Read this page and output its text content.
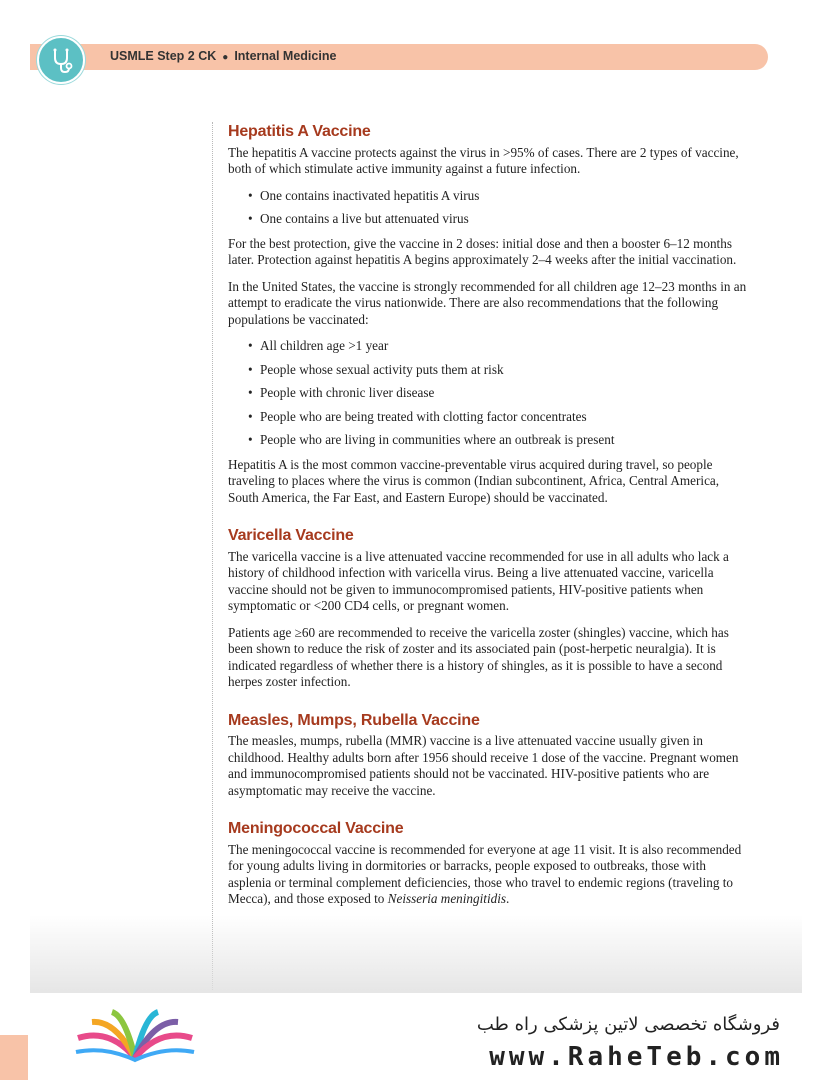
USMLE Step 2 CK ● Internal Medicine
Hepatitis A Vaccine

The hepatitis A vaccine protects against the virus in >95% of cases. There are 2 types of vaccine, both of which stimulate active immunity against a future infection.

• One contains inactivated hepatitis A virus
• One contains a live but attenuated virus

For the best protection, give the vaccine in 2 doses: initial dose and then a booster 6–12 months later. Protection against hepatitis A begins approximately 2–4 weeks after the initial vaccination.

In the United States, the vaccine is strongly recommended for all children age 12–23 months in an attempt to eradicate the virus nationwide. There are also recommendations that the following populations be vaccinated:

• All children age >1 year
• People whose sexual activity puts them at risk
• People with chronic liver disease
• People who are being treated with clotting factor concentrates
• People who are living in communities where an outbreak is present

Hepatitis A is the most common vaccine-preventable virus acquired during travel, so people traveling to places where the virus is common (Indian subcontinent, Africa, Central America, South America, the Far East, and Eastern Europe) should be vaccinated.

Varicella Vaccine

The varicella vaccine is a live attenuated vaccine recommended for use in all adults who lack a history of childhood infection with varicella virus. Being a live attenuated vaccine, varicella vaccine should not be given to immunocompromised patients, HIV-positive patients when symptomatic or <200 CD4 cells, or pregnant women.

Patients age ≥60 are recommended to receive the varicella zoster (shingles) vaccine, which has been shown to reduce the risk of zoster and its associated pain (post-herpetic neuralgia). It is indicated regardless of whether there is a history of shingles, as it is possible to have a second herpes zoster infection.

Measles, Mumps, Rubella Vaccine

The measles, mumps, rubella (MMR) vaccine is a live attenuated vaccine usually given in childhood. Healthy adults born after 1956 should receive 1 dose of the vaccine. Pregnant women and immunocompromised patients should not be vaccinated. HIV-positive patients who are asymptomatic may receive the vaccine.

Meningococcal Vaccine

The meningococcal vaccine is recommended for everyone at age 11 visit. It is also recommended for young adults living in dormitories or barracks, people exposed to outbreaks, those with asplenia or terminal complement deficiencies, those who travel to endemic regions (traveling to Mecca), and those exposed to Neisseria meningitidis.

فروشگاه تخصصی لاتین پزشکی راه طب
www.RaheTeb.com
